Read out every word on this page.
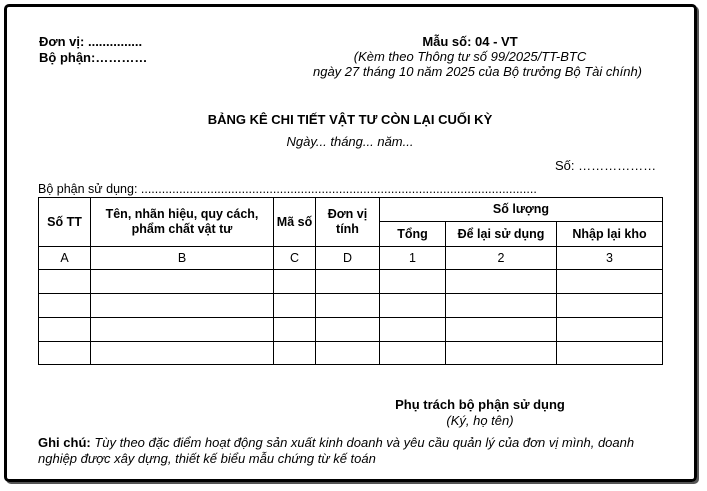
Đơn vị: ...............
Bộ phận:…………
Mẫu số: 04 - VT
(Kèm theo Thông tư số 99/2025/TT-BTC
ngày 27 tháng 10 năm 2025 của Bộ trưởng Bộ Tài chính)
BẢNG KÊ CHI TIẾT VẬT TƯ CÒN LẠI CUỐI KỲ
Ngày... tháng... năm...
Số: ………………
Bộ phận sử dụng: ..................................................................................................................
Số TT	Tên, nhãn hiệu, quy cách, phẩm chất vật tư	Mã số	Đơn vị tính	Số lượng		
				Tổng	Để lại sử dụng	Nhập lại kho
A	B	C	D	1	2	3

Phụ trách bộ phận sử dụng
(Ký, họ tên)
Ghi chú: Tùy theo đặc điểm hoạt động sản xuất kinh doanh và yêu cầu quản lý của đơn vị mình, doanh
nghiệp được xây dựng, thiết kế biểu mẫu chứng từ kế toán
